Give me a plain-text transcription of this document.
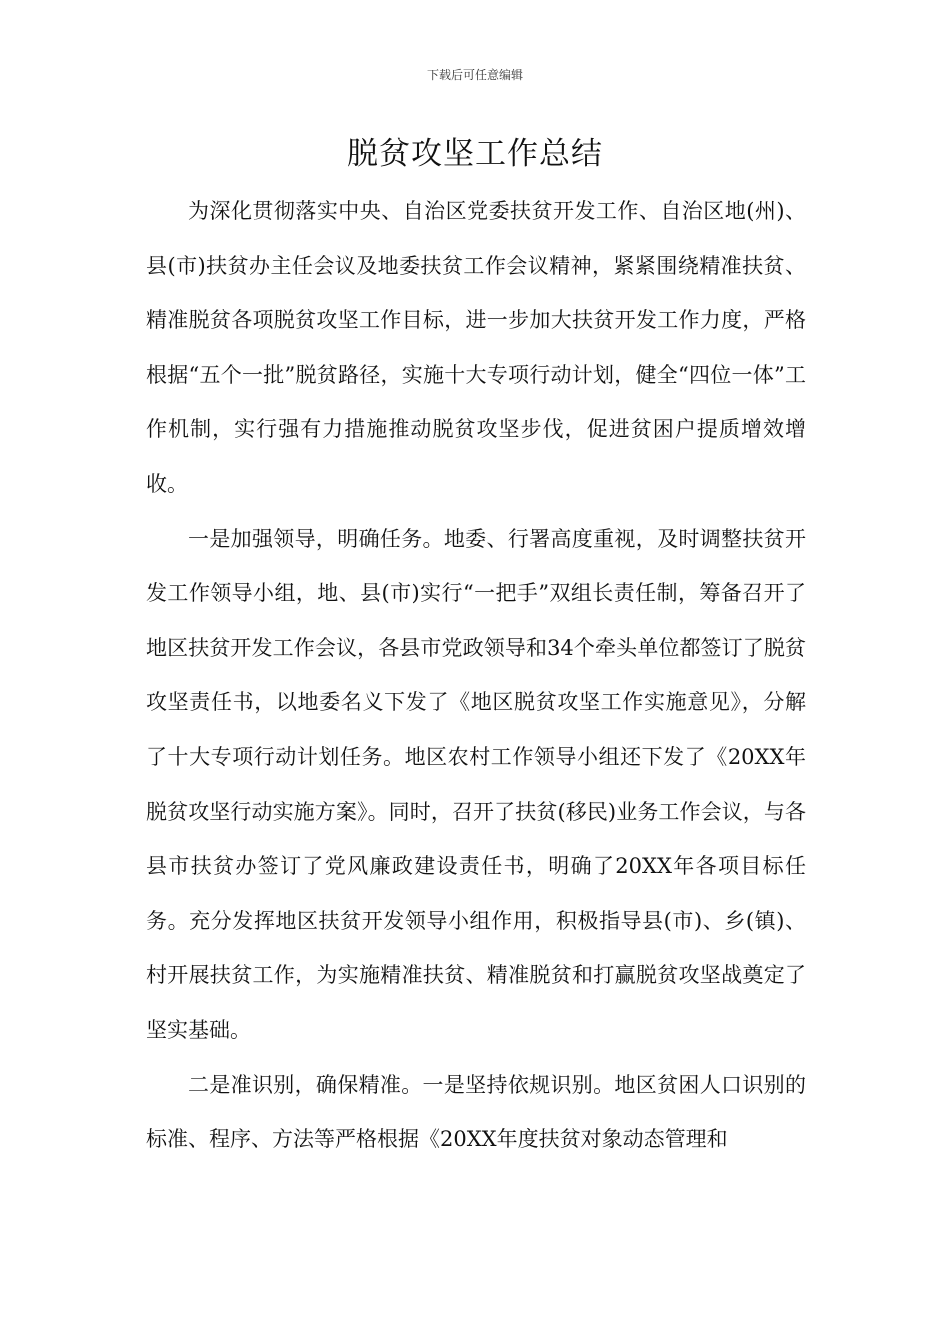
下载后可任意编辑
脱贫攻坚工作总结

为深化贯彻落实中央、自治区党委扶贫开发工作、自治区地(州)、县(市)扶贫办主任会议及地委扶贫工作会议精神，紧紧围绕精准扶贫、精准脱贫各项脱贫攻坚工作目标，进一步加大扶贫开发工作力度，严格根据“五个一批”脱贫路径，实施十大专项行动计划，健全“四位一体”工作机制，实行强有力措施推动脱贫攻坚步伐，促进贫困户提质增效增收。

一是加强领导，明确任务。地委、行署高度重视，及时调整扶贫开发工作领导小组，地、县(市)实行“一把手”双组长责任制，筹备召开了地区扶贫开发工作会议，各县市党政领导和34个牵头单位都签订了脱贫攻坚责任书，以地委名义下发了《地区脱贫攻坚工作实施意见》，分解了十大专项行动计划任务。地区农村工作领导小组还下发了《20XX年脱贫攻坚行动实施方案》。同时，召开了扶贫(移民)业务工作会议，与各县市扶贫办签订了党风廉政建设责任书，明确了20XX年各项目标任务。充分发挥地区扶贫开发领导小组作用，积极指导县(市)、乡(镇)、村开展扶贫工作，为实施精准扶贫、精准脱贫和打赢脱贫攻坚战奠定了坚实基础。

二是准识别，确保精准。一是坚持依规识别。地区贫困人口识别的标准、程序、方法等严格根据《20XX年度扶贫对象动态管理和
